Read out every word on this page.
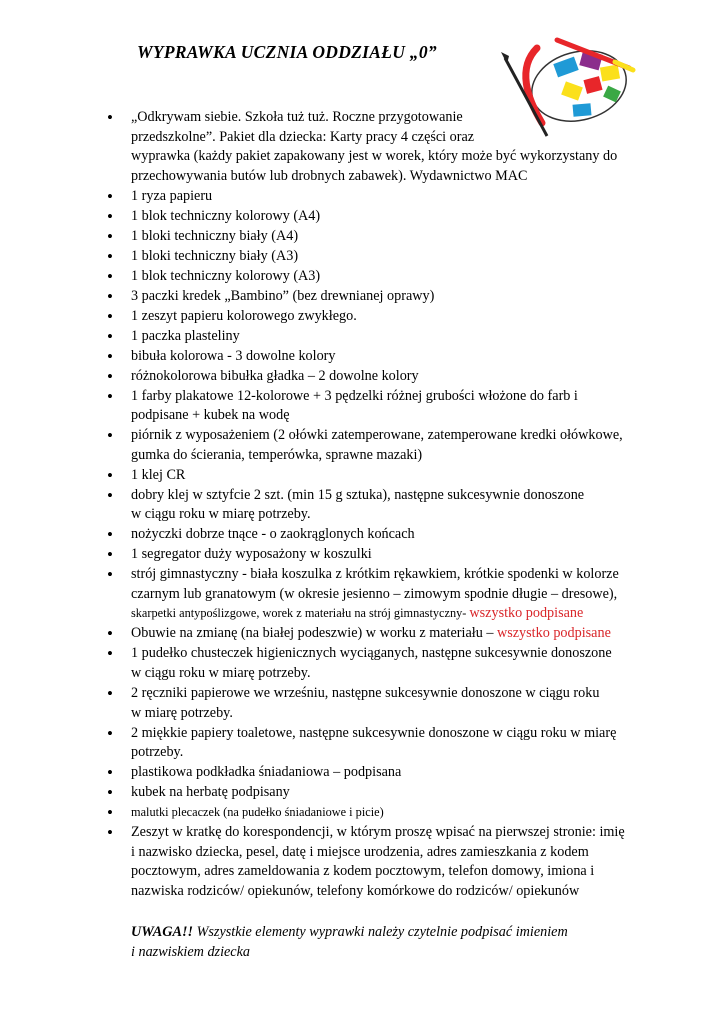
WYPRAWKA UCZNIA ODDZIAŁU „0”
• „Odkrywam siebie. Szkoła tuż tuż. Roczne przygotowanie
przedszkolne”. Pakiet dla dziecka: Karty pracy 4 części oraz
wyprawka (każdy pakiet zapakowany jest w worek, który może być wykorzystany do
przechowywania butów lub drobnych zabawek). Wydawnictwo MAC
• 1 ryza papieru
• 1 blok techniczny kolorowy (A4)
• 1 bloki techniczny biały (A4)
• 1 bloki techniczny biały (A3)
• 1 blok techniczny kolorowy (A3)
• 3 paczki kredek „Bambino” (bez drewnianej oprawy)
• 1 zeszyt papieru kolorowego zwykłego.
• 1 paczka plasteliny
• bibuła kolorowa - 3 dowolne kolory
• różnokolorowa bibułka gładka – 2 dowolne kolory
• 1 farby plakatowe 12-kolorowe + 3 pędzelki różnej grubości włożone do farb i
podpisane + kubek na wodę
• piórnik z wyposażeniem (2 ołówki zatemperowane, zatemperowane kredki ołówkowe,
gumka do ścierania, temperówka, sprawne mazaki)
• 1 klej CR
• dobry klej w sztyfcie 2 szt. (min 15 g sztuka), następne sukcesywnie donoszone
w ciągu roku w miarę potrzeby.
• nożyczki dobrze tnące - o zaokrąglonych końcach
• 1 segregator duży wyposażony w koszulki
• strój gimnastyczny - biała koszulka z krótkim rękawkiem, krótkie spodenki w kolorze
czarnym lub granatowym (w okresie jesienno – zimowym spodnie długie – dresowe),
skarpetki antypoślizgowe, worek z materiału na strój gimnastyczny- wszystko podpisane
• Obuwie na zmianę (na białej podeszwie) w worku z materiału – wszystko podpisane
• 1 pudełko chusteczek higienicznych wyciąganych, następne sukcesywnie donoszone
w ciągu roku w miarę potrzeby.
• 2 ręczniki papierowe we wrześniu, następne sukcesywnie donoszone w ciągu roku
w miarę potrzeby.
• 2 miękkie papiery toaletowe, następne sukcesywnie donoszone w ciągu roku w miarę
potrzeby.
• plastikowa podkładka śniadaniowa – podpisana
• kubek na herbatę podpisany
• malutki plecaczek (na pudełko śniadaniowe i picie)
• Zeszyt w kratkę do korespondencji, w którym proszę wpisać na pierwszej stronie: imię
i nazwisko dziecka, pesel, datę i miejsce urodzenia, adres zamieszkania z kodem
pocztowym, adres zameldowania z kodem pocztowym, telefon domowy, imiona i
nazwiska rodziców/ opiekunów, telefony komórkowe do rodziców/ opiekunów
UWAGA!! Wszystkie elementy wyprawki należy czytelnie podpisać imieniem
i nazwiskiem dziecka
